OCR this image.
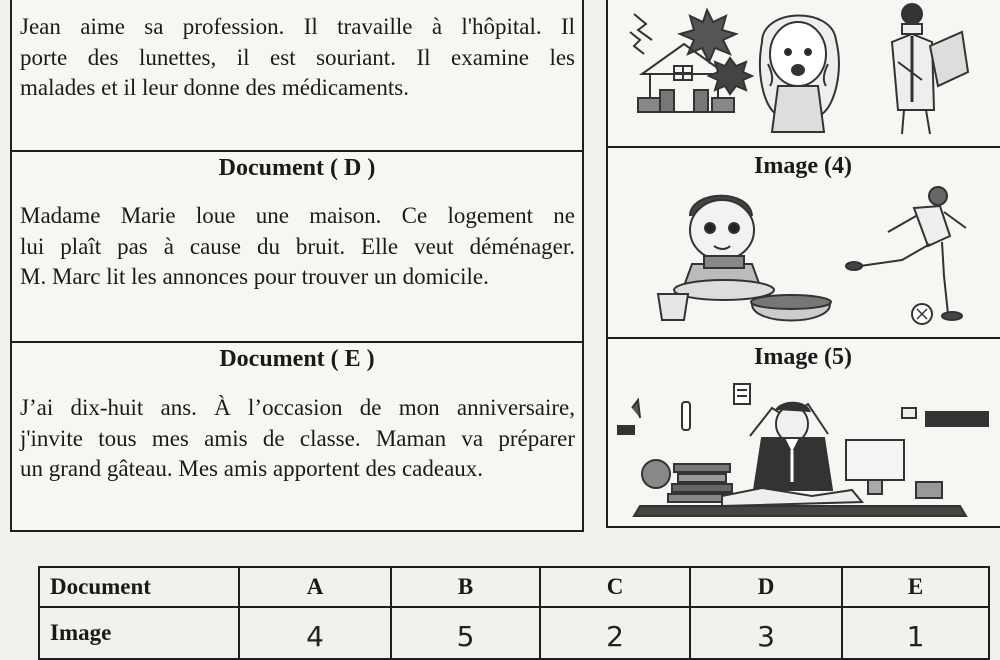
Jean aime sa profession. Il travaille à l'hôpital. Il
porte des lunettes, il est souriant. Il examine les
malades et il leur donne des médicaments.
Document ( D )
Madame Marie loue une maison. Ce logement ne
lui plaît pas à cause du bruit. Elle veut déménager.
M. Marc lit les annonces pour trouver un domicile.
Document ( E )
J’ai dix-huit ans. À l’occasion de mon anniversaire,
j'invite tous mes amis de classe. Maman va préparer
un grand gâteau. Mes amis apportent des cadeaux.
Image (4)
Image (5)
Document	A	B	C	D	E
Image	4	5	2	3	1
